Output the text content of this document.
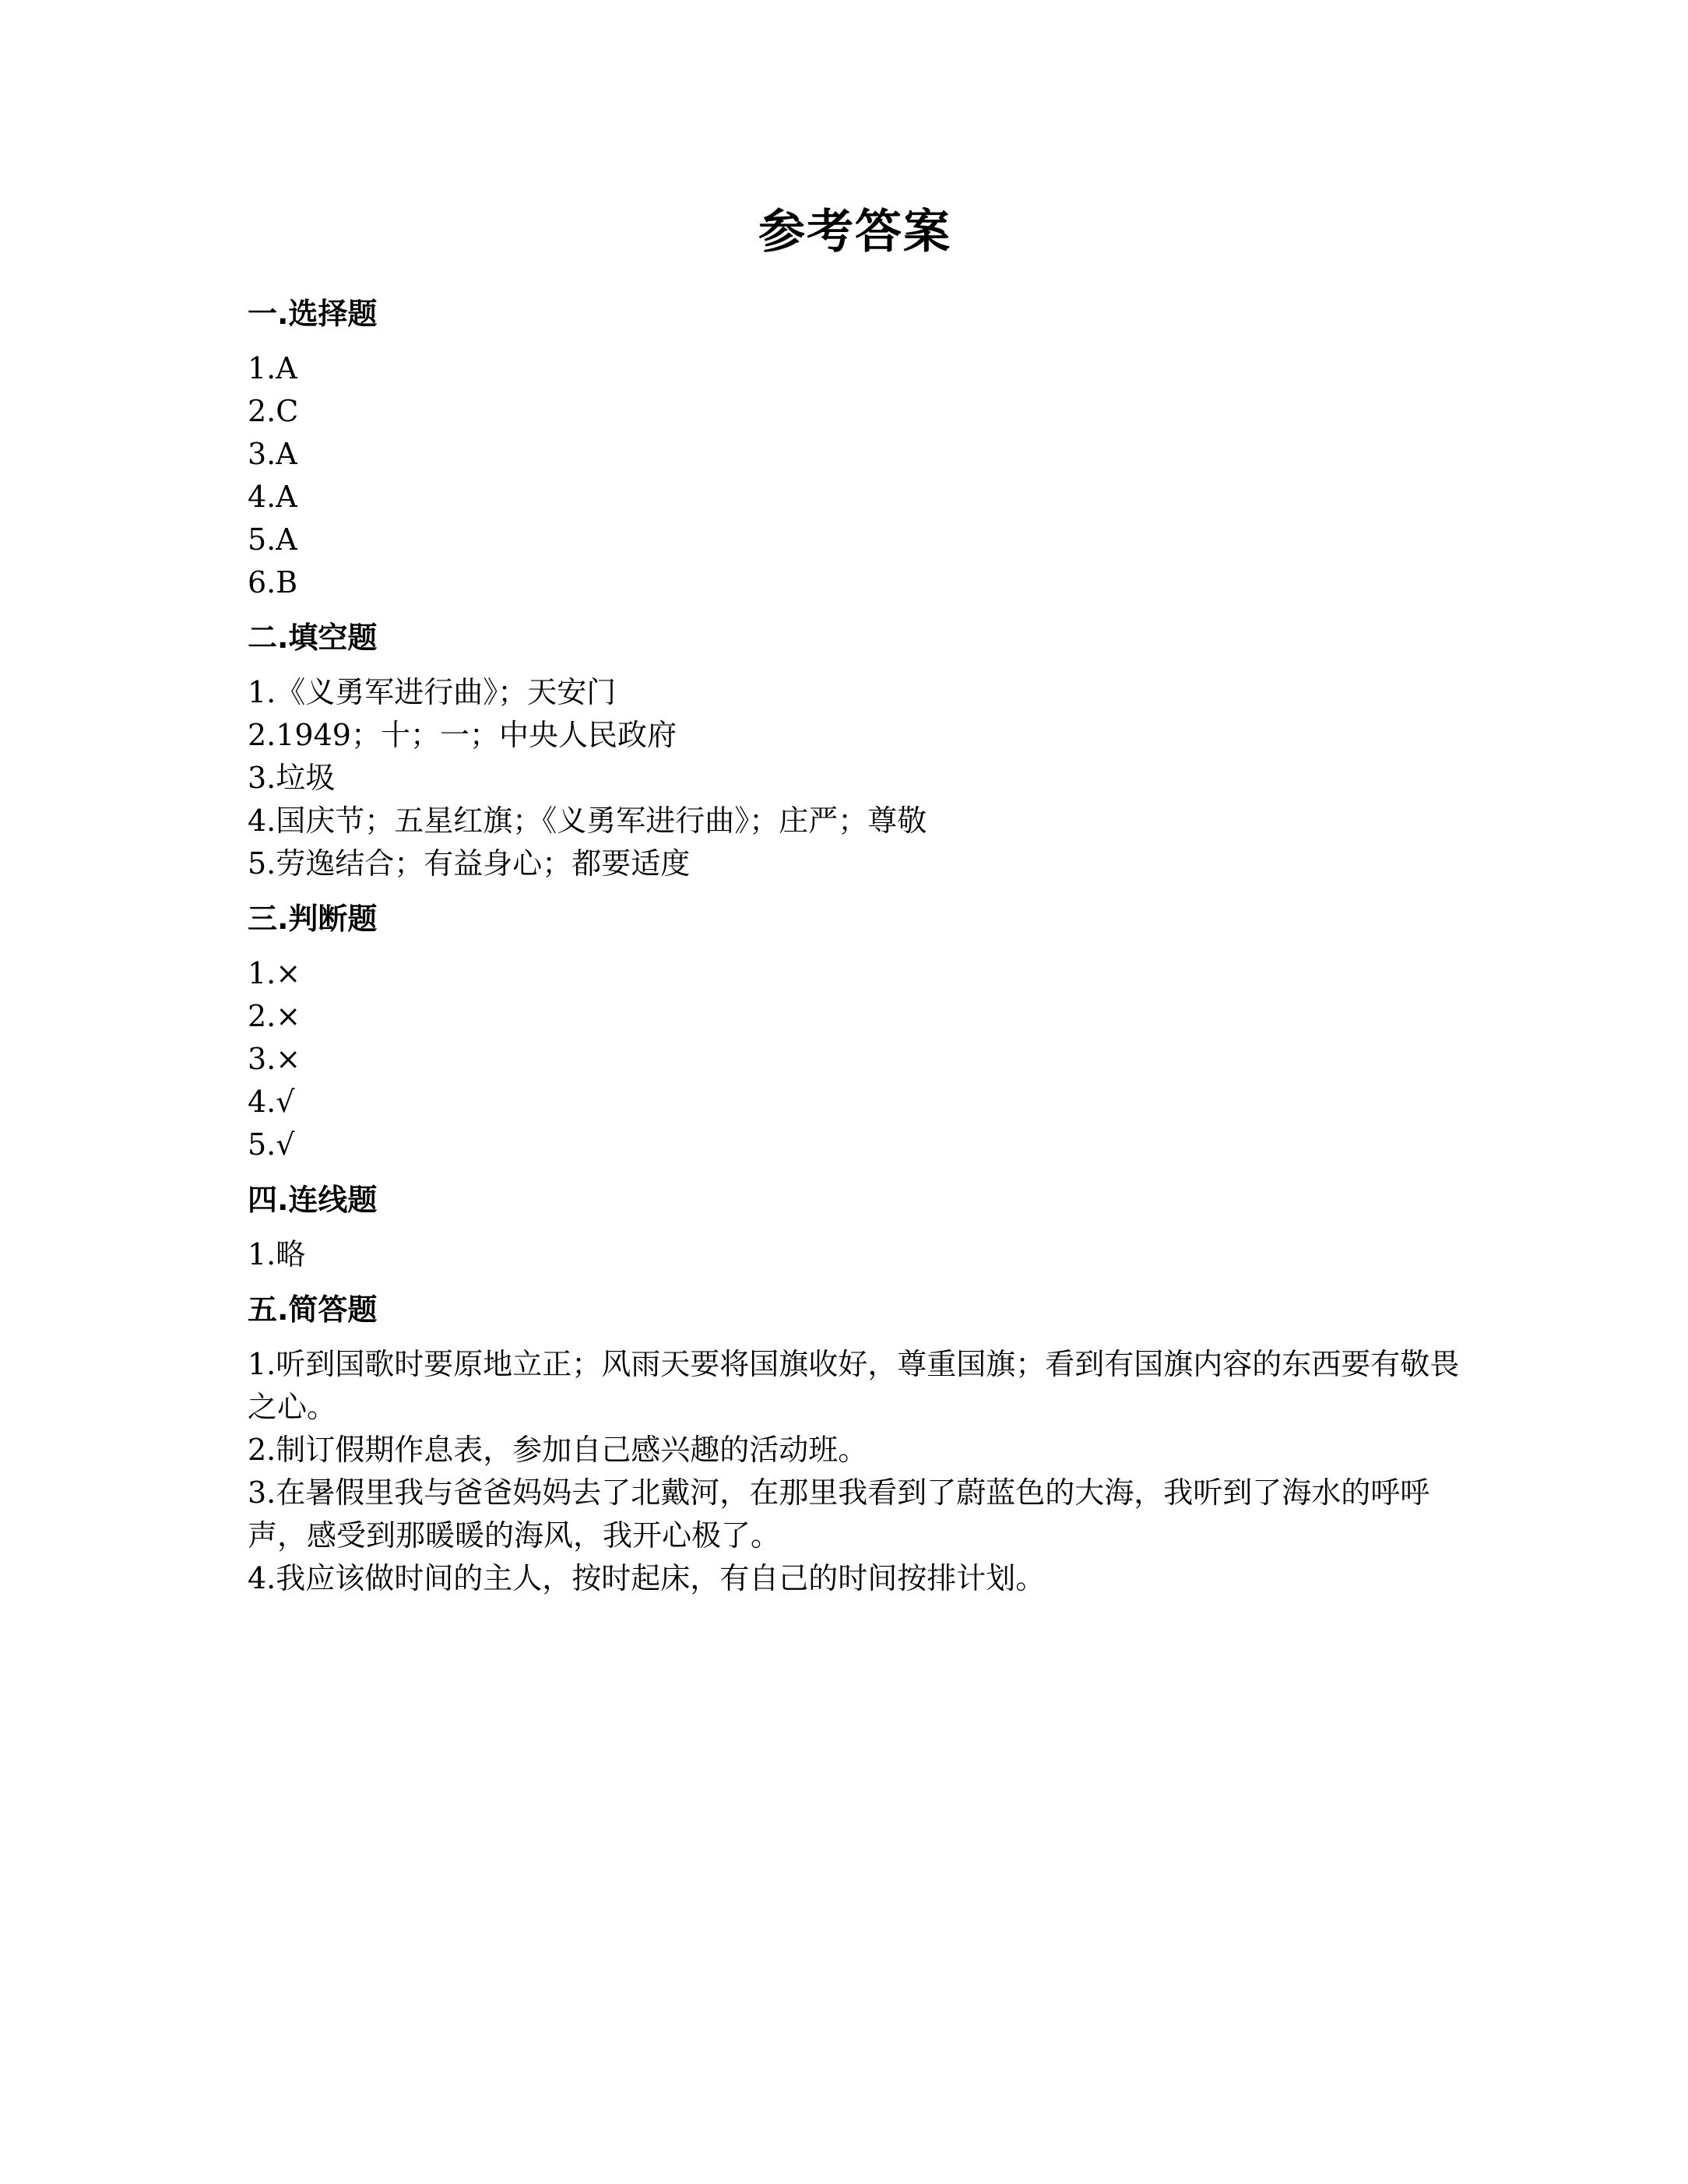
参考答案
一.选择题
1.A
2.C
3.A
4.A
5.A
6.B
二.填空题
1.《义勇军进行曲》；天安门
2.1949；十；一；中央人民政府
3.垃圾
4.国庆节；五星红旗；《义勇军进行曲》；庄严；尊敬
5.劳逸结合；有益身心；都要适度
三.判断题
1.×
2.×
3.×
4.√
5.√
四.连线题
1.略
五.简答题
1.听到国歌时要原地立正；风雨天要将国旗收好，尊重国旗；看到有国旗内容的东西要有敬畏之心。
2.制订假期作息表，参加自己感兴趣的活动班。
3.在暑假里我与爸爸妈妈去了北戴河，在那里我看到了蔚蓝色的大海，我听到了海水的呼呼声，感受到那暖暖的海风，我开心极了。
4.我应该做时间的主人，按时起床，有自己的时间按排计划。
